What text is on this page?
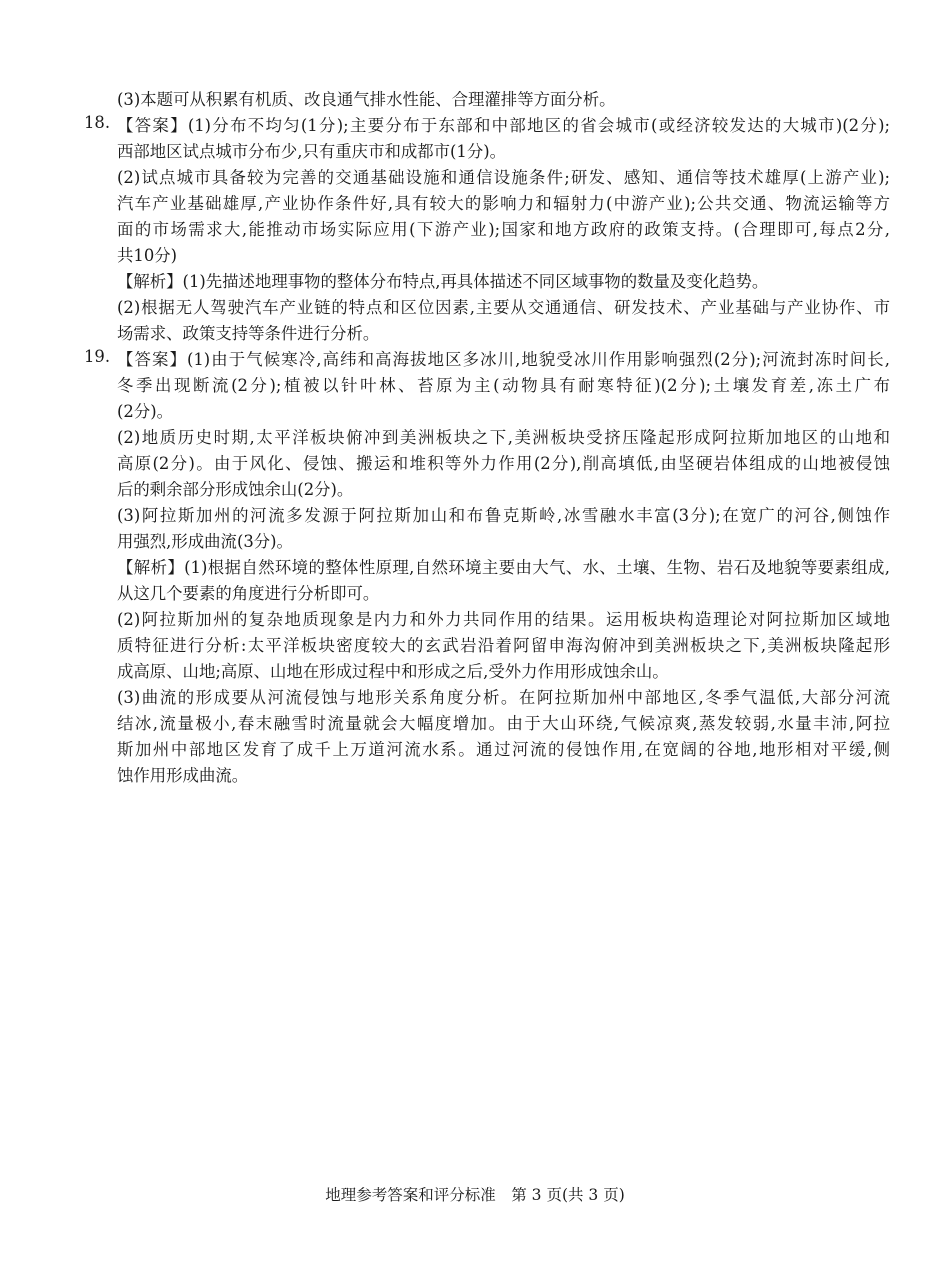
(3)本题可从积累有机质、改良通气排水性能、合理灌排等方面分析。
18. 【答案】(1)分布不均匀(1分);主要分布于东部和中部地区的省会城市(或经济较发达的大城市)(2分);
西部地区试点城市分布少,只有重庆市和成都市(1分)。
(2)试点城市具备较为完善的交通基础设施和通信设施条件;研发、感知、通信等技术雄厚(上游产业);
汽车产业基础雄厚,产业协作条件好,具有较大的影响力和辐射力(中游产业);公共交通、物流运输等方
面的市场需求大,能推动市场实际应用(下游产业);国家和地方政府的政策支持。(合理即可,每点2分,
共10分)
【解析】(1)先描述地理事物的整体分布特点,再具体描述不同区域事物的数量及变化趋势。
(2)根据无人驾驶汽车产业链的特点和区位因素,主要从交通通信、研发技术、产业基础与产业协作、市
场需求、政策支持等条件进行分析。
19. 【答案】(1)由于气候寒冷,高纬和高海拔地区多冰川,地貌受冰川作用影响强烈(2分);河流封冻时间长,
冬季出现断流(2分);植被以针叶林、苔原为主(动物具有耐寒特征)(2分);土壤发育差,冻土广布
(2分)。
(2)地质历史时期,太平洋板块俯冲到美洲板块之下,美洲板块受挤压隆起形成阿拉斯加地区的山地和
高原(2分)。由于风化、侵蚀、搬运和堆积等外力作用(2分),削高填低,由坚硬岩体组成的山地被侵蚀
后的剩余部分形成蚀余山(2分)。
(3)阿拉斯加州的河流多发源于阿拉斯加山和布鲁克斯岭,冰雪融水丰富(3分);在宽广的河谷,侧蚀作
用强烈,形成曲流(3分)。
【解析】(1)根据自然环境的整体性原理,自然环境主要由大气、水、土壤、生物、岩石及地貌等要素组成,
从这几个要素的角度进行分析即可。
(2)阿拉斯加州的复杂地质现象是内力和外力共同作用的结果。运用板块构造理论对阿拉斯加区域地
质特征进行分析:太平洋板块密度较大的玄武岩沿着阿留申海沟俯冲到美洲板块之下,美洲板块隆起形
成高原、山地;高原、山地在形成过程中和形成之后,受外力作用形成蚀余山。
(3)曲流的形成要从河流侵蚀与地形关系角度分析。在阿拉斯加州中部地区,冬季气温低,大部分河流
结冰,流量极小,春末融雪时流量就会大幅度增加。由于大山环绕,气候凉爽,蒸发较弱,水量丰沛,阿拉
斯加州中部地区发育了成千上万道河流水系。通过河流的侵蚀作用,在宽阔的谷地,地形相对平缓,侧
蚀作用形成曲流。
地理参考答案和评分标准　第 3 页(共 3 页)
